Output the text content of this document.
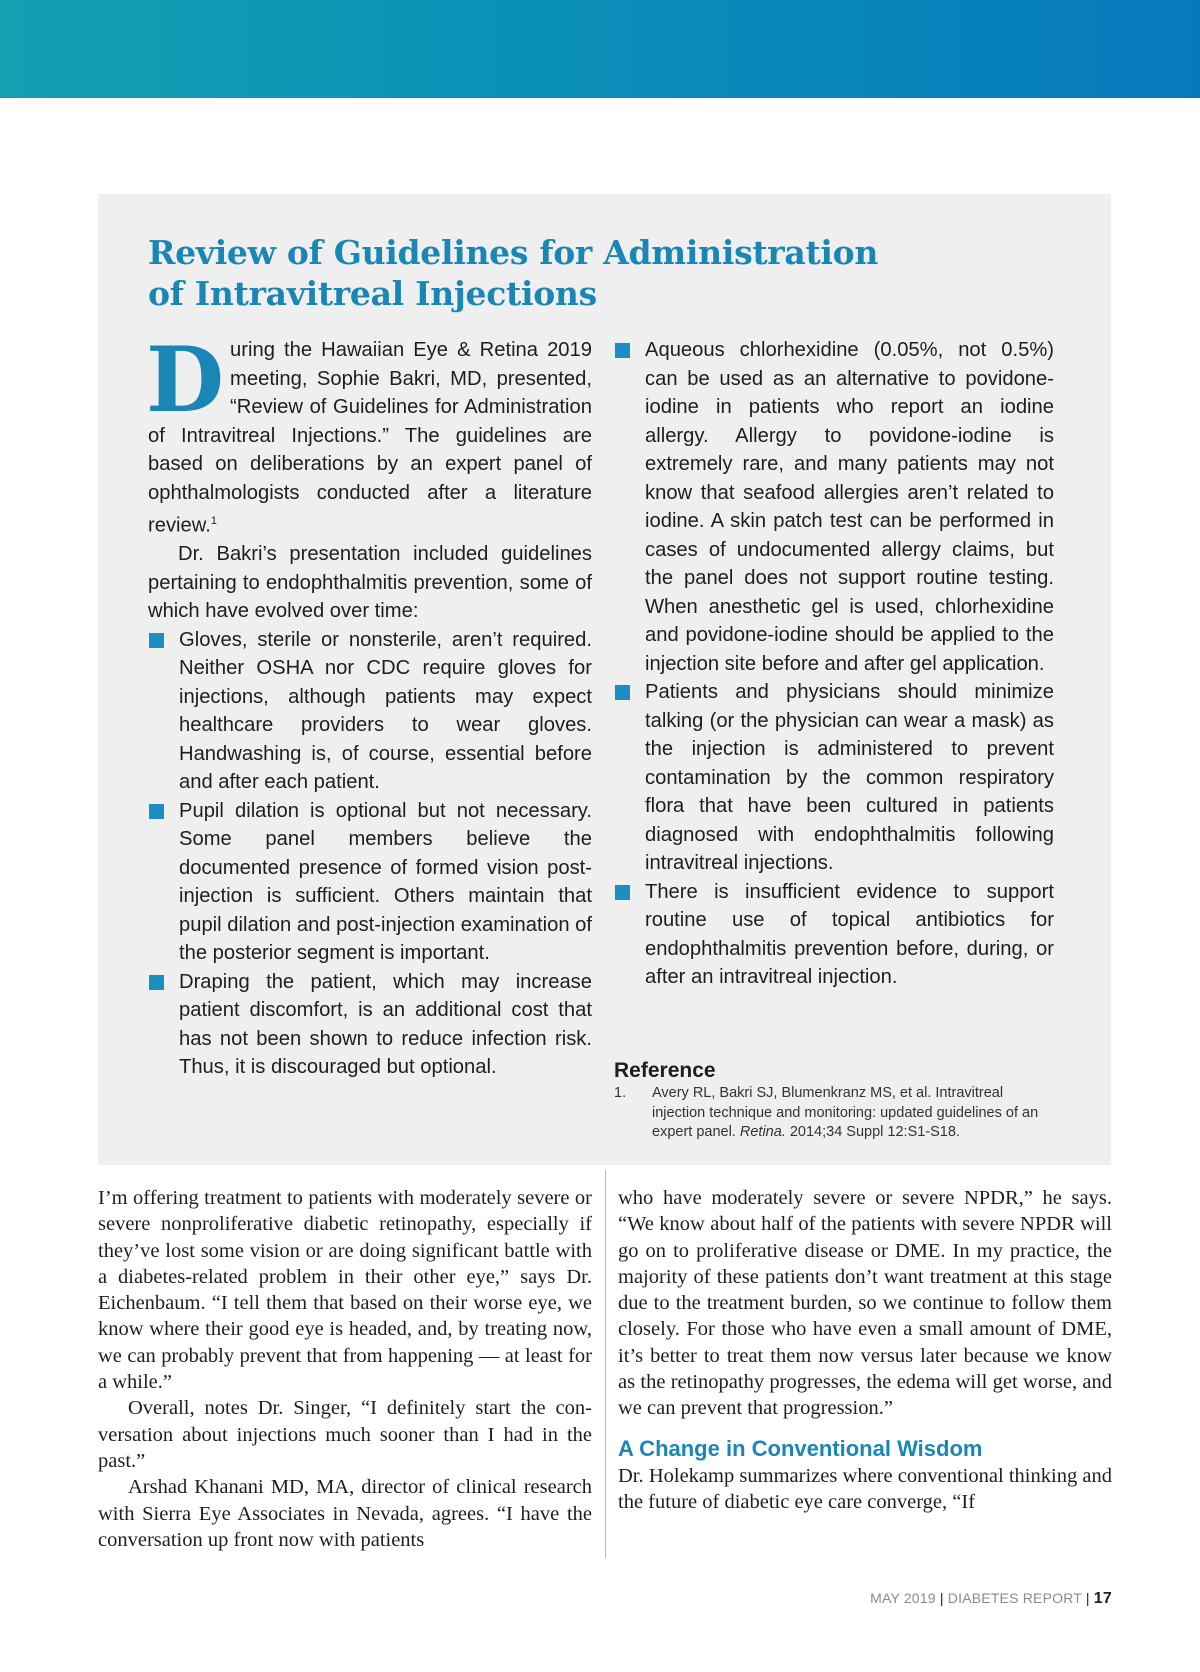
Review of Guidelines for Administration
of Intravitreal Injections

During the Hawaiian Eye & Retina 2019 meeting, Sophie Bakri, MD, presented, “Review of Guidelines for Administration of Intravitreal Injections.” The guidelines are based on deliberations by an expert panel of ophthalmologists conducted after a literature review.$^1$

Dr. Bakri’s presentation included guidelines pertaining to endophthalmitis prevention, some of which have evolved over time:

Gloves, sterile or nonsterile, aren’t required. Neither OSHA nor CDC require gloves for injections, although patients may expect healthcare providers to wear gloves. Handwashing is, of course, essential before and after each patient.
Pupil dilation is optional but not necessary. Some panel members believe the documented presence of formed vision post-injection is sufficient. Others maintain that pupil dilation and post-injection examination of the posterior segment is important.
Draping the patient, which may increase patient discomfort, is an additional cost that has not been shown to reduce infection risk. Thus, it is discouraged but optional.
Aqueous chlorhexidine (0.05%, not 0.5%) can be used as an alternative to povidone-iodine in patients who report an iodine allergy. Allergy to povidone-iodine is extremely rare, and many patients may not know that seafood allergies aren’t related to iodine. A skin patch test can be performed in cases of undocumented allergy claims, but the panel does not support routine testing. When anesthetic gel is used, chlorhexidine and povidone-iodine should be applied to the injection site before and after gel application.
Patients and physicians should minimize talking (or the physician can wear a mask) as the injection is administered to prevent contamination by the common respiratory flora that have been cultured in patients diagnosed with endophthalmitis following intravitreal injections.
There is insufficient evidence to support routine use of topical antibiotics for endophthalmitis prevention before, during, or after an intravitreal injection.
Reference
1. Avery RL, Bakri SJ, Blumenkranz MS, et al. Intravitreal injection technique and monitoring: updated guidelines of an expert panel. Retina. 2014;34 Suppl 12:S1-S18.

I’m offering treatment to patients with moderately severe or severe nonproliferative diabetic retinopathy, especially if they’ve lost some vision or are doing significant battle with a diabetes-related problem in their other eye,” says Dr. Eichenbaum. “I tell them that based on their worse eye, we know where their good eye is headed, and, by treating now, we can probably prevent that from happening — at least for a while.”

Overall, notes Dr. Singer, “I definitely start the conversation about injections much sooner than I had in the past.”

Arshad Khanani MD, MA, director of clinical research with Sierra Eye Associates in Nevada, agrees. “I have the conversation up front now with patients

who have moderately severe or severe NPDR,” he says. “We know about half of the patients with severe NPDR will go on to proliferative disease or DME. In my practice, the majority of these patients don’t want treatment at this stage due to the treatment burden, so we continue to follow them closely. For those who have even a small amount of DME, it’s better to treat them now versus later because we know as the retinopathy progresses, the edema will get worse, and we can prevent that progression.”

A Change in Conventional Wisdom

Dr. Holekamp summarizes where conventional thinking and the future of diabetic eye care converge, “If

MAY 2019 | DIABETES REPORT | 17
